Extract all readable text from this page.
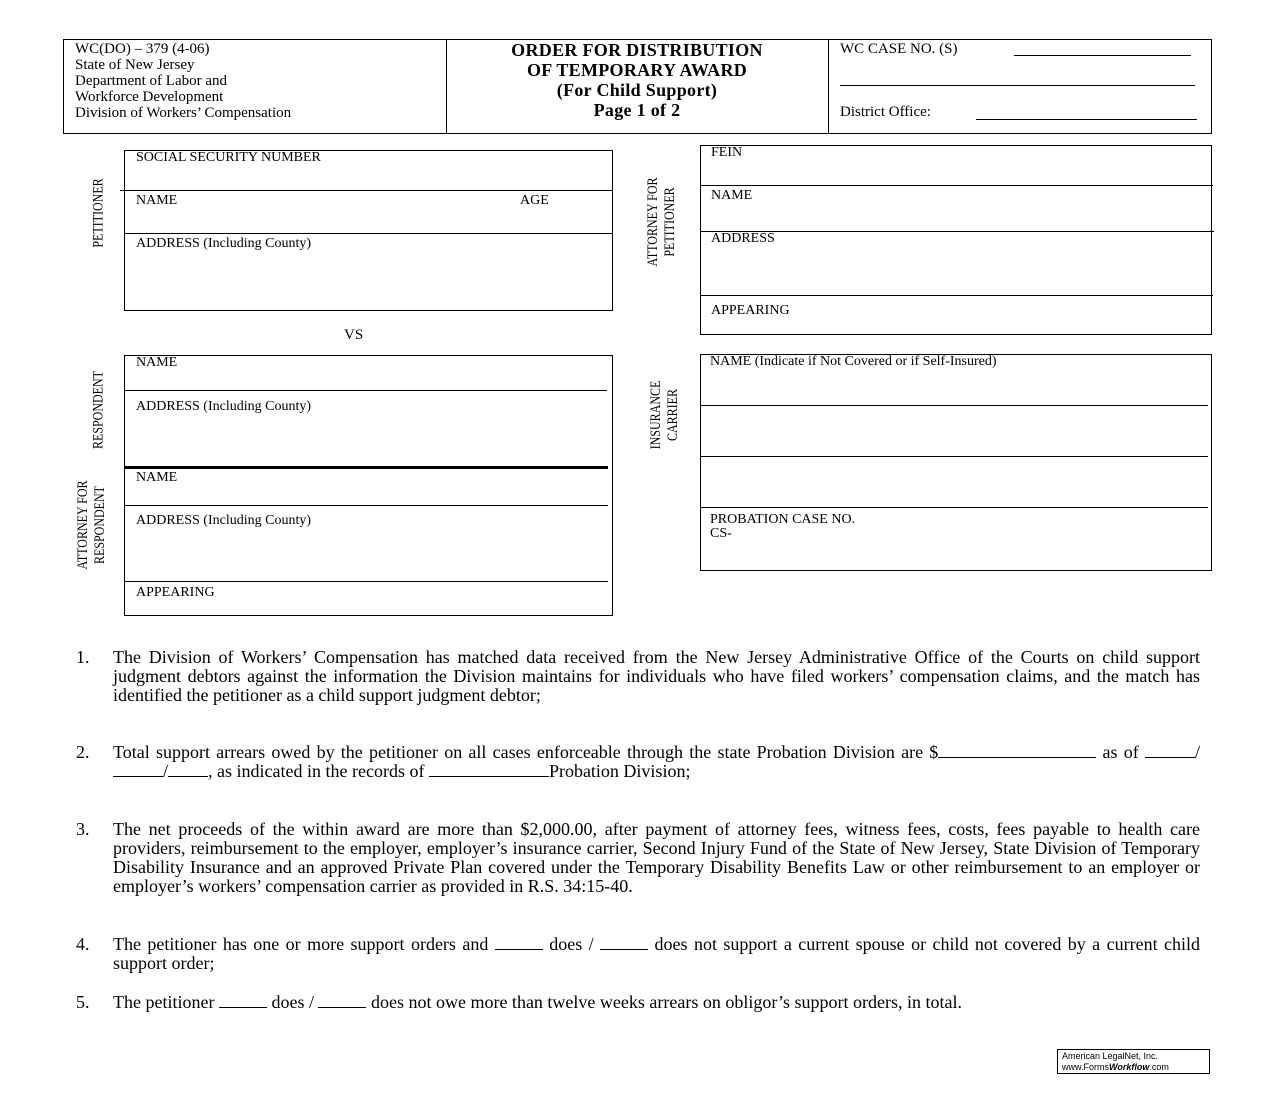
WC(DO) – 379 (4-06)
State of New Jersey
Department of Labor and
Workforce Development
Division of Workers’ Compensation
ORDER FOR DISTRIBUTION
OF TEMPORARY AWARD
(For Child Support)
Page 1 of 2
WC CASE NO. (S)
District Office:
PETITIONER
SOCIAL SECURITY NUMBER
NAME	AGE
ADDRESS (Including County)
VS
ATTORNEY FOR PETITIONER
FEIN
NAME
ADDRESS
APPEARING
RESPONDENT
ATTORNEY FOR RESPONDENT
NAME
ADDRESS (Including County)
NAME
ADDRESS (Including County)
APPEARING
INSURANCE CARRIER
NAME (Indicate if Not Covered or if Self-Insured)
PROBATION CASE NO.
CS-
1. The Division of Workers’ Compensation has matched data received from the New Jersey Administrative Office of the Courts on child support judgment debtors against the information the Division maintains for individuals who have filed workers’ compensation claims, and the match has identified the petitioner as a child support judgment debtor;
2. Total support arrears owed by the petitioner on all cases enforceable through the state Probation Division are $	as of	// , as indicated in the records of	Probation Division;
3. The net proceeds of the within award are more than $2,000.00, after payment of attorney fees, witness fees, costs, fees payable to health care providers, reimbursement to the employer, employer’s insurance carrier, Second Injury Fund of the State of New Jersey, State Division of Temporary Disability Insurance and an approved Private Plan covered under the Temporary Disability Benefits Law or other reimbursement to an employer or employer’s workers’ compensation carrier as provided in R.S. 34:15-40.
4. The petitioner has one or more support orders and	does /	does not support a current spouse or child not covered by a current child support order;
5. The petitioner	does /	does not owe more than twelve weeks arrears on obligor’s support orders, in total.
American LegalNet, Inc.
www.FormsWorkflow.com
